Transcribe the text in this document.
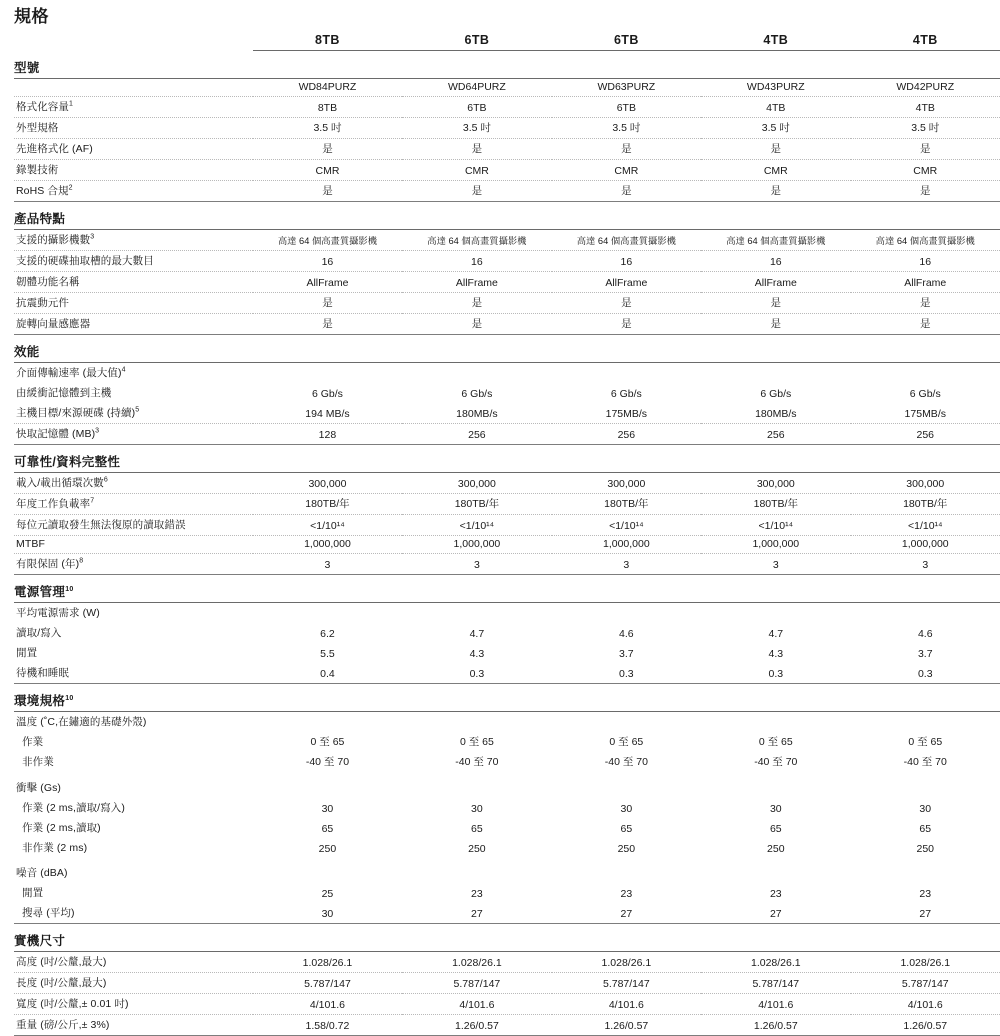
規格
	8TB	6TB	6TB	4TB	4TB
型號					
	WD84PURZ	WD64PURZ	WD63PURZ	WD43PURZ	WD42PURZ
格式化容量$^1$	8TB	6TB	6TB	4TB	4TB
外型規格	3.5 吋	3.5 吋	3.5 吋	3.5 吋	3.5 吋
先進格式化 (AF)	是	是	是	是	是
錄製技術	CMR	CMR	CMR	CMR	CMR
RoHS 合規$^2$	是	是	是	是	是
產品特點					
支援的攝影機數$^3$	高達 64 個高畫質攝影機	高達 64 個高畫質攝影機	高達 64 個高畫質攝影機	高達 64 個高畫質攝影機	高達 64 個高畫質攝影機
支援的硬碟抽取槽的最大數目	16	16	16	16	16
韌體功能名稱	AllFrame	AllFrame	AllFrame	AllFrame	AllFrame
抗震動元件	是	是	是	是	是
旋轉向量感應器	是	是	是	是	是
效能					
介面傳輸速率 (最大值)$^4$					
由緩衝記憶體到主機	6 Gb/s	6 Gb/s	6 Gb/s	6 Gb/s	6 Gb/s
主機目標/來源硬碟 (持續)$^5$	194 MB/s	180MB/s	175MB/s	180MB/s	175MB/s
快取記憶體 (MB)$^3$	128	256	256	256	256
可靠性/資料完整性					
載入/載出循環次數$^6$	300,000	300,000	300,000	300,000	300,000
年度工作負載率$^7$	180TB/年	180TB/年	180TB/年	180TB/年	180TB/年
每位元讀取發生無法復原的讀取錯誤	<1/10¹⁴	<1/10¹⁴	<1/10¹⁴	<1/10¹⁴	<1/10¹⁴
MTBF	1,000,000	1,000,000	1,000,000	1,000,000	1,000,000
有限保固 (年)$^8$	3	3	3	3	3
電源管理$^{10}$					
平均電源需求 (W)					
讀取/寫入	6.2	4.7	4.6	4.7	4.6
閒置	5.5	4.3	3.7	4.3	3.7
待機和睡眠	0.4	0.3	0.3	0.3	0.3
環境規格$^{10}$					
溫度 (˚C,在鏽適的基礎外殼)					
作業	0 至 65	0 至 65	0 至 65	0 至 65	0 至 65
非作業	-40 至 70	-40 至 70	-40 至 70	-40 至 70	-40 至 70
衝擊 (Gs)					
作業 (2 ms,讀取/寫入)	30	30	30	30	30
作業 (2 ms,讀取)	65	65	65	65	65
非作業 (2 ms)	250	250	250	250	250
噪音 (dBA)					
閒置	25	23	23	23	23
搜尋 (平均)	30	27	27	27	27
實機尺寸					
高度 (吋/公釐,最大)	1.028/26.1	1.028/26.1	1.028/26.1	1.028/26.1	1.028/26.1
長度 (吋/公釐,最大)	5.787/147	5.787/147	5.787/147	5.787/147	5.787/147
寬度 (吋/公釐,± 0.01 吋)	4/101.6	4/101.6	4/101.6	4/101.6	4/101.6
重量 (磅/公斤,± 3%)	1.58/0.72	1.26/0.57	1.26/0.57	1.26/0.57	1.26/0.57
